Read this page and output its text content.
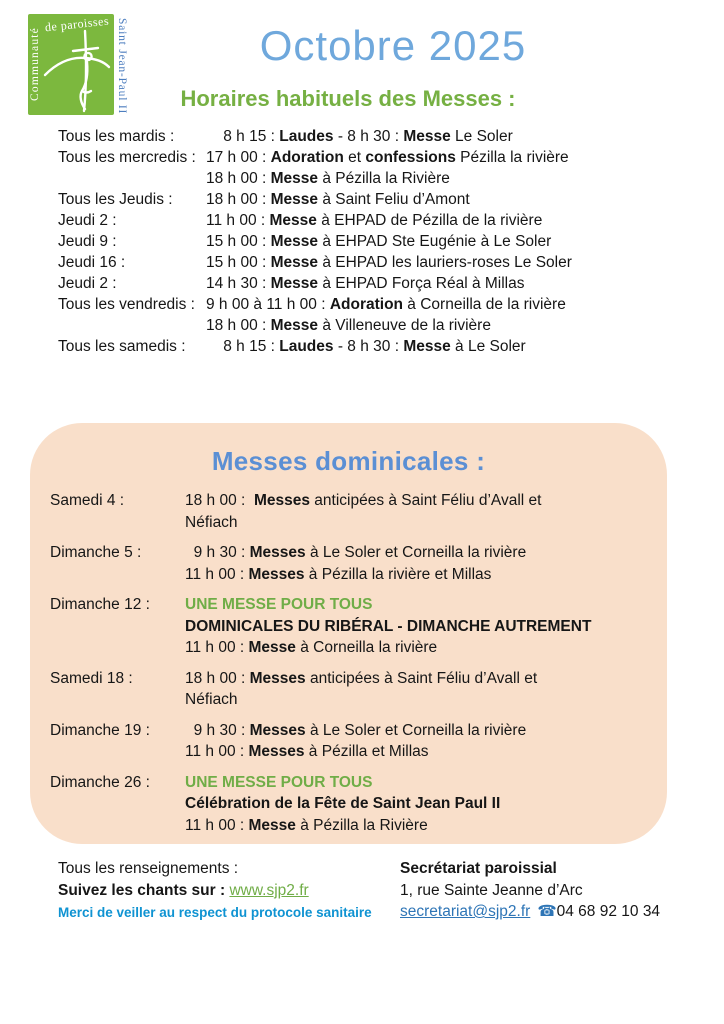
Communauté
de paroisses Saint Jean-Paul II	Octobre 2025
Horaires habituels des Messes :
Tous les mardis :	8 h 15 : Laudes - 8 h 30 : Messe Le Soler
Tous les mercredis : 17 h 00 : Adoration et confessions Pézilla la rivière
18 h 00 : Messe à Pézilla la Rivière
Tous les Jeudis :	18 h 00 : Messe à Saint Feliu d’Amont
Jeudi 2 :	11 h 00 : Messe à EHPAD de Pézilla de la rivière
Jeudi 9 :	15 h 00 : Messe à EHPAD Ste Eugénie à Le Soler
Jeudi 16 :	15 h 00 : Messe à EHPAD les lauriers-roses Le Soler
Jeudi 2 :	14 h 30 : Messe à EHPAD Força Réal à Millas
Tous les vendredis : 9 h 00 à 11 h 00 : Adoration à Corneilla de la rivière
18 h 00 : Messe à Villeneuve de la rivière
Tous les samedis :	8 h 15 : Laudes - 8 h 30 : Messe à Le Soler
Messes dominicales :
Samedi 4 :	18 h 00 :  Messes anticipées à Saint Féliu d’Avall et
Néfiach
Dimanche 5 :	9 h 30 : Messes à Le Soler et Corneilla la rivière
11 h 00 : Messes à Pézilla la rivière et Millas
Dimanche 12 :	UNE MESSE POUR TOUS
DOMINICALES DU RIBÉRAL - DIMANCHE AUTREMENT
11 h 00 : Messe à Corneilla la rivière
Samedi 18 :	18 h 00 : Messes anticipées à Saint Féliu d’Avall et
Néfiach
Dimanche 19 :	9 h 30 : Messes à Le Soler et Corneilla la rivière
11 h 00 : Messes à Pézilla et Millas
Dimanche 26 :	UNE MESSE POUR TOUS
Célébration de la Fête de Saint Jean Paul II
11 h 00 : Messe à Pézilla la Rivière
Tous les renseignements :
Suivez les chants sur : www.sjp2.fr
Merci de veiller au respect du protocole sanitaire
Secrétariat paroissial
1, rue Sainte Jeanne d’Arc
secretariat@sjp2.fr ☎04 68 92 10 34
